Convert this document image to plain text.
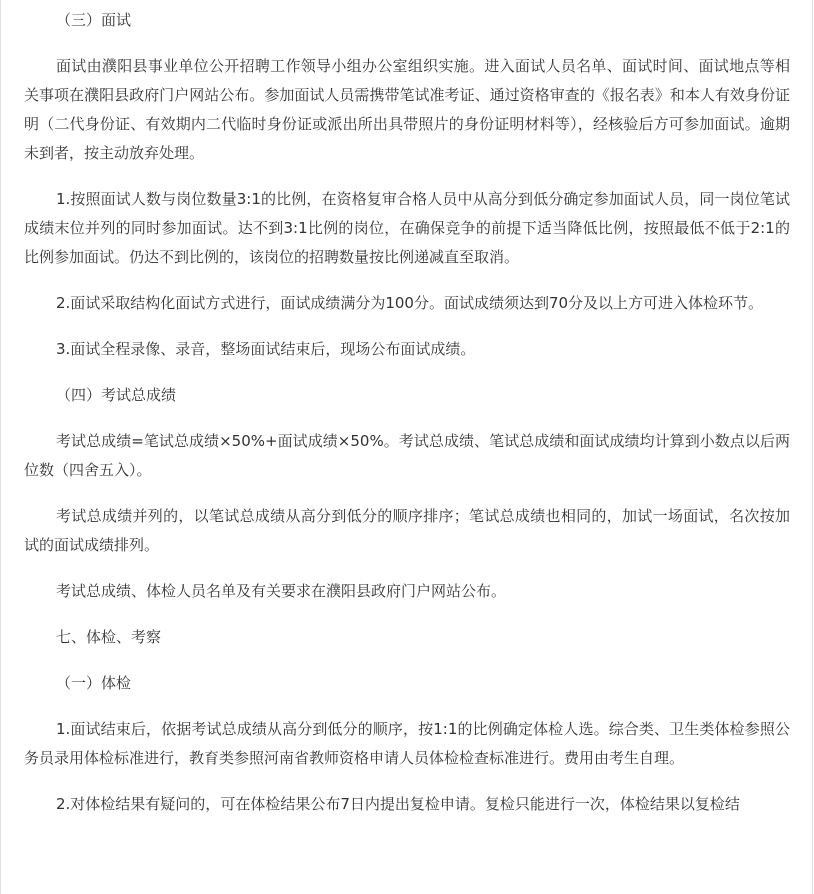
（三）面试

面试由濮阳县事业单位公开招聘工作领导小组办公室组织实施。进入面试人员名单、面试时间、面试地点等相关事项在濮阳县政府门户网站公布。参加面试人员需携带笔试准考证、通过资格审查的《报名表》和本人有效身份证明（二代身份证、有效期内二代临时身份证或派出所出具带照片的身份证明材料等），经核验后方可参加面试。逾期未到者，按主动放弃处理。

1.按照面试人数与岗位数量3:1的比例，在资格复审合格人员中从高分到低分确定参加面试人员，同一岗位笔试成绩末位并列的同时参加面试。达不到3:1比例的岗位，在确保竞争的前提下适当降低比例，按照最低不低于2:1的比例参加面试。仍达不到比例的，该岗位的招聘数量按比例递减直至取消。

2.面试采取结构化面试方式进行，面试成绩满分为100分。面试成绩须达到70分及以上方可进入体检环节。

3.面试全程录像、录音，整场面试结束后，现场公布面试成绩。

（四）考试总成绩

考试总成绩=笔试总成绩×50%+面试成绩×50%。考试总成绩、笔试总成绩和面试成绩均计算到小数点以后两位数（四舍五入）。

考试总成绩并列的，以笔试总成绩从高分到低分的顺序排序；笔试总成绩也相同的，加试一场面试，名次按加试的面试成绩排列。

考试总成绩、体检人员名单及有关要求在濮阳县政府门户网站公布。

七、体检、考察

（一）体检

1.面试结束后，依据考试总成绩从高分到低分的顺序，按1:1的比例确定体检人选。综合类、卫生类体检参照公务员录用体检标准进行，教育类参照河南省教师资格申请人员体检检查标准进行。费用由考生自理。

2.对体检结果有疑问的，可在体检结果公布7日内提出复检申请。复检只能进行一次，体检结果以复检结
